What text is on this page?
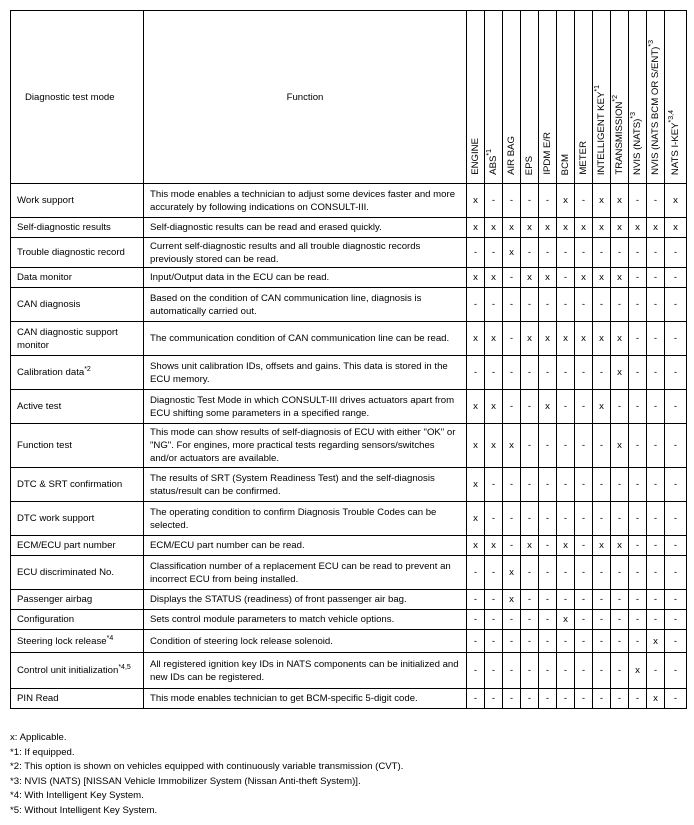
Diagnostic test mode	Function	ENGINE	ABS$^{*1}$	AIR BAG	EPS	IPDM E/R	BCM	METER	INTELLIGENT KEY$^{*1}$	TRANSMISSION$^{*2}$	NVIS (NATS)$^{*3}$	NVIS (NATS BCM OR S/ENT)$^{*3}$	NATS I-KEY$^{*3,4}$

Work support	This mode enables a technician to adjust some devices faster and more accurately by following indications on CONSULT-III.	x	-	-	-	-	x	-	x	x	-	-	x
Self-diagnostic results	Self-diagnostic results can be read and erased quickly.	x	x	x	x	x	x	x	x	x	x	x	x
Trouble diagnostic record	Current self-diagnostic results and all trouble diagnostic records previously stored can be read.	-	-	x	-	-	-	-	-	-	-	-	-
Data monitor	Input/Output data in the ECU can be read.	x	x	-	x	x	-	x	x	x	-	-	-
CAN diagnosis	Based on the condition of CAN communication line, diagnosis is automatically carried out.	-	-	-	-	-	-	-	-	-	-	-	-
CAN diagnostic support monitor	The communication condition of CAN communication line can be read.	x	x	-	x	x	x	x	x	x	-	-	-
Calibration data$^{*2}$	Shows unit calibration IDs, offsets and gains. This data is stored in the ECU memory.	-	-	-	-	-	-	-	-	x	-	-	-
Active test	Diagnostic Test Mode in which CONSULT-III drives actuators apart from ECU shifting some parameters in a specified range.	x	x	-	-	x	-	-	x	-	-	-	-
Function test	This mode can show results of self-diagnosis of ECU with either "OK" or "NG". For engines, more practical tests regarding sensors/switches and/or actuators are available.	x	x	x	-	-	-	-	-	x	-	-	-
DTC & SRT confirmation	The results of SRT (System Readiness Test) and the self-diagnosis status/result can be confirmed.	x	-	-	-	-	-	-	-	-	-	-	-
DTC work support	The operating condition to confirm Diagnosis Trouble Codes can be selected.	x	-	-	-	-	-	-	-	-	-	-	-
ECM/ECU part number	ECM/ECU part number can be read.	x	x	-	x	-	x	-	x	x	-	-	-
ECU discriminated No.	Classification number of a replacement ECU can be read to prevent an incorrect ECU from being installed.	-	-	x	-	-	-	-	-	-	-	-	-
Passenger airbag	Displays the STATUS (readiness) of front passenger air bag.	-	-	x	-	-	-	-	-	-	-	-	-
Configuration	Sets control module parameters to match vehicle options.	-	-	-	-	-	x	-	-	-	-	-	-
Steering lock release$^{*4}$	Condition of steering lock release solenoid.	-	-	-	-	-	-	-	-	-	-	x	-
Control unit initialization$^{*4,5}$	All registered ignition key IDs in NATS components can be initialized and new IDs can be registered.	-	-	-	-	-	-	-	-	-	x	-	-
PIN Read	This mode enables technician to get BCM-specific 5-digit code.	-	-	-	-	-	-	-	-	-	-	x	-
x: Applicable.
*1: If equipped.
*2: This option is shown on vehicles equipped with continuously variable transmission (CVT).
*3: NVIS (NATS) [NISSAN Vehicle Immobilizer System (Nissan Anti-theft System)].
*4: With Intelligent Key System.
*5: Without Intelligent Key System.
